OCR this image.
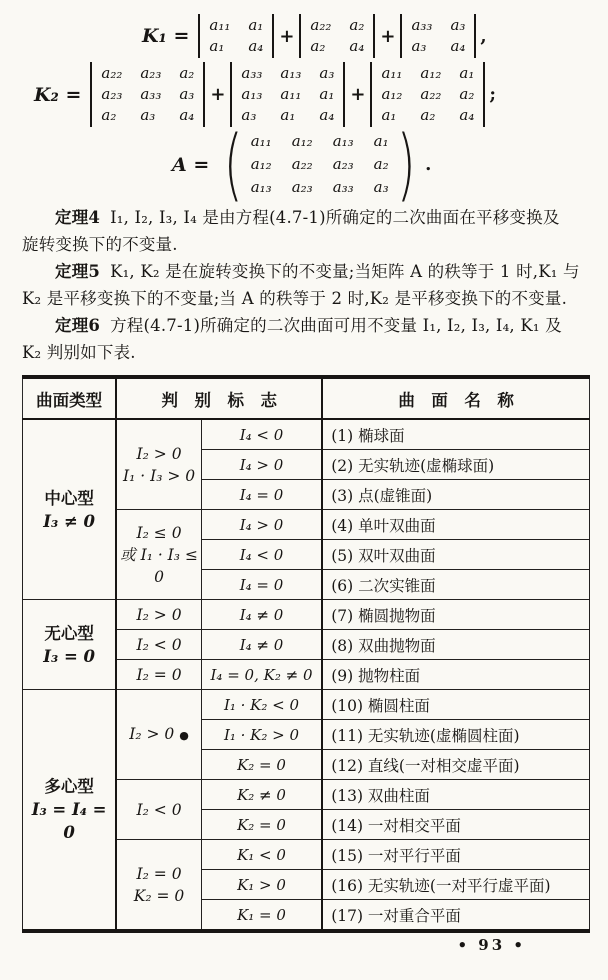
K₁ = a₁₁ a₁
a₁	a₄ +
a₂₂ a₂
a₂	a₄ +
a₃₃ a₃
a₃	a₄ ,
K₂ =
a₂₂ a₂₃ a₂
a₂₃ a₃₃ a₃
a₂	a₃	a₄
+
a₃₃ a₁₃ a₃
a₁₃ a₁₁ a₁
a₃	a₁	a₄
+
a₁₁ a₁₂ a₁
a₁₂ a₂₂ a₂
a₁	a₂	a₄
;
A = ( a₁₁ a₁₂ a₁₃ a₁
a₁₂ a₂₂ a₂₃ a₂
a₁₃ a₂₃ a₃₃ a₃ ) .

定理4 I₁, I₂, I₃, I₄ 是由方程(4.7-1)所确定的二次曲面在平移变换及
旋转变换下的不变量.

定理5 K₁, K₂ 是在旋转变换下的不变量;当矩阵 A 的秩等于 1 时,K₁ 与
K₂ 是平移变换下的不变量;当 A 的秩等于 2 时,K₂ 是平移变换下的不变量.

定理6 方程(4.7-1)所确定的二次曲面可用不变量 I₁, I₂, I₃, I₄, K₁ 及
K₂ 判别如下表.

曲面类型	判　别　标　志		曲　面　名　称

中心型
I₃ ≠ 0

I₂ > 0
I₁ · I₃ > 0
	I₄ < 0	(1) 椭球面
		I₄ > 0	(2) 无实轨迹(虚椭球面)
		I₄ = 0	(3) 点(虚锥面)

	I₂ ≤ 0
或 I₁ · I₃ ≤ 0	I₄ > 0	(4) 单叶双曲面
		I₄ < 0	(5) 双叶双曲面
		I₄ = 0	(6) 二次实锥面

无心型
I₃ = 0	I₂ > 0	I₄ ≠ 0	(7) 椭圆抛物面
	I₂ < 0	I₄ ≠ 0	(8) 双曲抛物面
	I₂ = 0	I₄ = 0, K₂ ≠ 0	(9) 抛物柱面

多心型
I₃ = I₄ = 0	I₂ > 0 ●	I₁ · K₂ < 0	(10) 椭圆柱面
		I₁ · K₂ > 0	(11) 无实轨迹(虚椭圆柱面)
		K₂ = 0	(12) 直线(一对相交虚平面)
	I₂ < 0	K₂ ≠ 0	(13) 双曲柱面
		K₂ = 0	(14) 一对相交平面

	I₂ = 0
K₂ = 0	K₁ < 0	(15) 一对平行平面
		K₁ > 0	(16) 无实轨迹(一对平行虚平面)
		K₁ = 0	(17) 一对重合平面
• 93 •
